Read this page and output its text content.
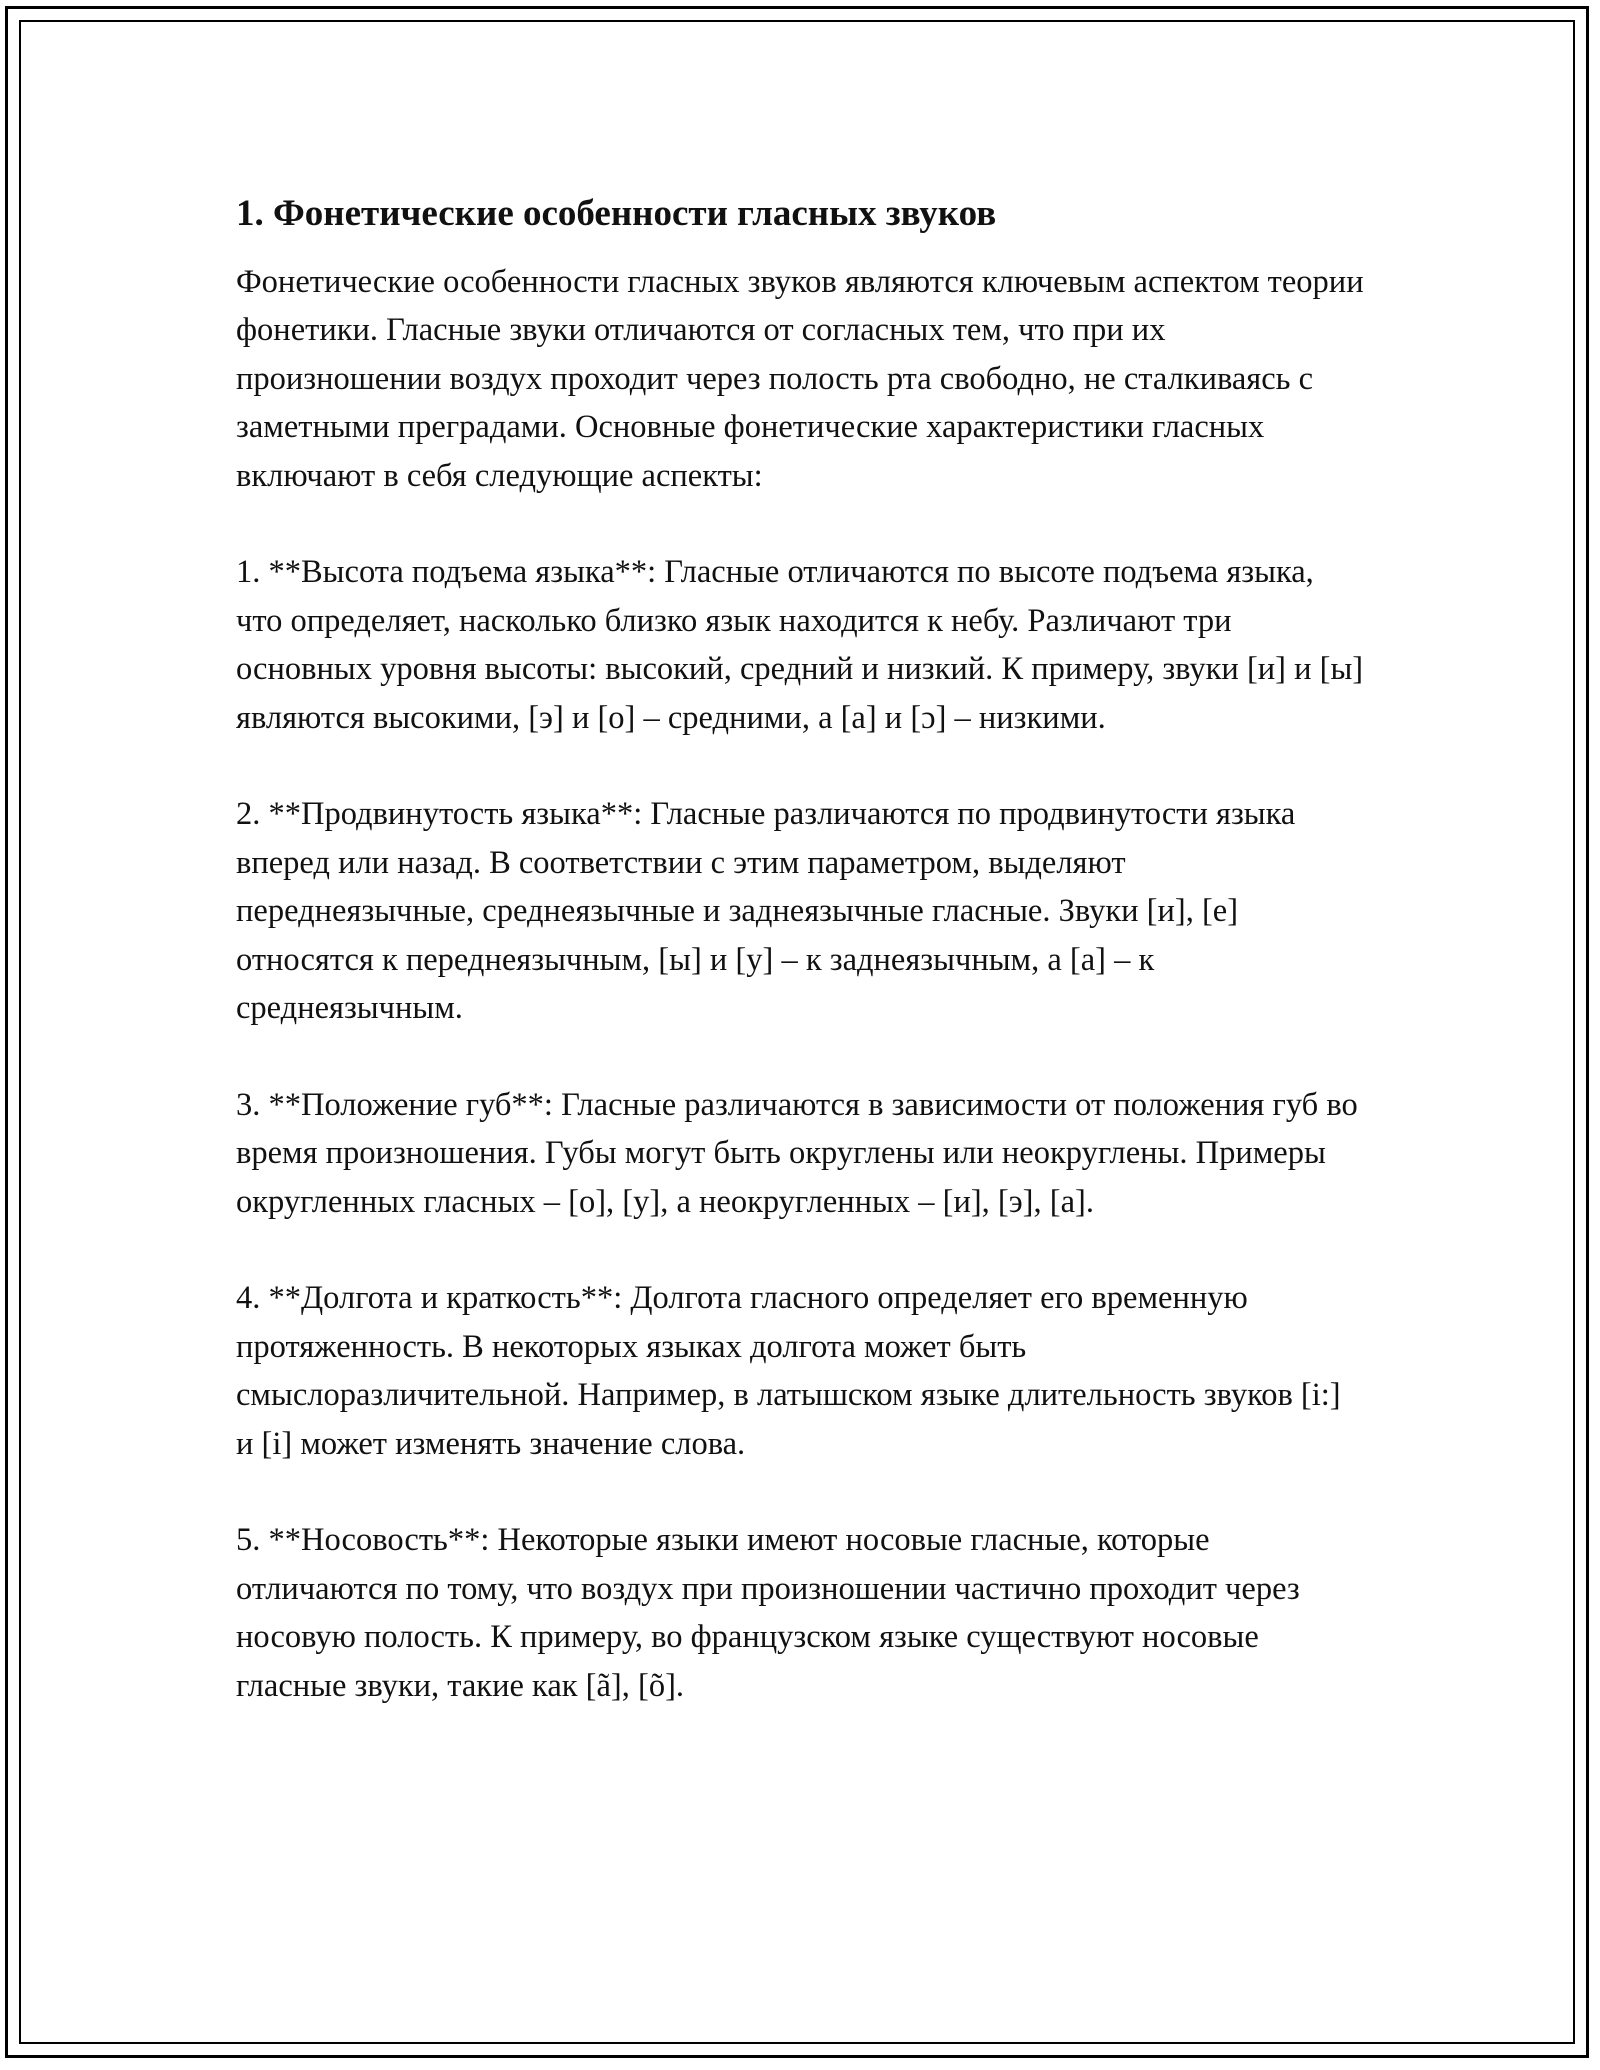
1. Фонетические особенности гласных звуков

Фонетические особенности гласных звуков являются ключевым аспектом теории фонетики. Гласные звуки отличаются от согласных тем, что при их произношении воздух проходит через полость рта свободно, не сталкиваясь с заметными преградами. Основные фонетические характеристики гласных включают в себя следующие аспекты:

1. **Высота подъема языка**: Гласные отличаются по высоте подъема языка, что определяет, насколько близко язык находится к небу. Различают три основных уровня высоты: высокий, средний и низкий. К примеру, звуки [и] и [ы] являются высокими, [э] и [о] – средними, а [а] и [ɔ] – низкими.

2. **Продвинутость языка**: Гласные различаются по продвинутости языка вперед или назад. В соответствии с этим параметром, выделяют переднеязычные, среднеязычные и заднеязычные гласные. Звуки [и], [е] относятся к переднеязычным, [ы] и [у] – к заднеязычным, а [а] – к среднеязычным.

3. **Положение губ**: Гласные различаются в зависимости от положения губ во время произношения. Губы могут быть округлены или неокруглены. Примеры округленных гласных – [о], [у], а неокругленных – [и], [э], [а].

4. **Долгота и краткость**: Долгота гласного определяет его временную протяженность. В некоторых языках долгота может быть смыслоразличительной. Например, в латышском языке длительность звуков [i:] и [i] может изменять значение слова.

5. **Носовость**: Некоторые языки имеют носовые гласные, которые отличаются по тому, что воздух при произношении частично проходит через носовую полость. К примеру, во французском языке существуют носовые гласные звуки, такие как [ã], [õ].
